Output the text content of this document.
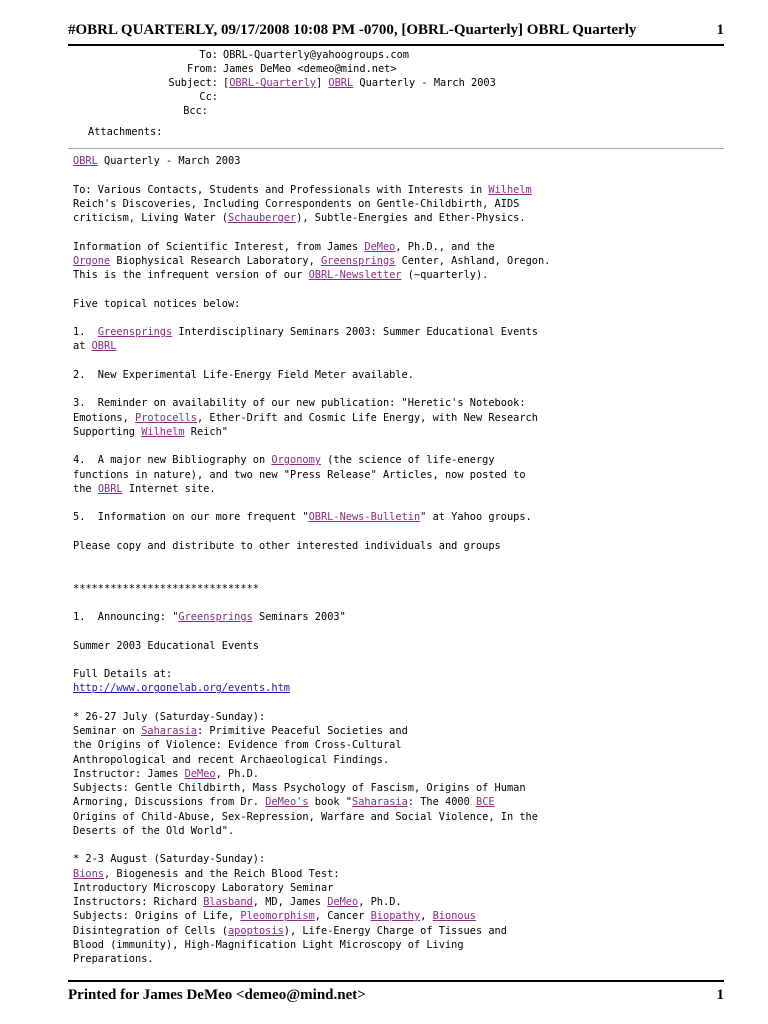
#OBRL QUARTERLY, 09/17/2008 10:08 PM -0700, [OBRL-Quarterly] OBRL Quarterly	1
To: OBRL-Quarterly@yahoogroups.com
From: James DeMeo <demeo@mind.net>
Subject: [OBRL-Quarterly] OBRL Quarterly - March 2003
Cc:
Bcc:
Attachments:

OBRL Quarterly - March 2003

To: Various Contacts, Students and Professionals with Interests in Wilhelm

Reich's Discoveries, Including Correspondents on Gentle-Childbirth, AIDS

criticism, Living Water (Schauberger), Subtle-Energies and Ether-Physics.

Information of Scientific Interest, from James DeMeo, Ph.D., and the

Orgone Biophysical Research Laboratory, Greensprings Center, Ashland, Oregon.

This is the infrequent version of our OBRL-Newsletter (~quarterly).

Five topical notices below:

1.  Greensprings Interdisciplinary Seminars 2003: Summer Educational Events

at OBRL

2.  New Experimental Life-Energy Field Meter available.

3.  Reminder on availability of our new publication: "Heretic's Notebook:

Emotions, Protocells, Ether-Drift and Cosmic Life Energy, with New Research

Supporting Wilhelm Reich"

4.  A major new Bibliography on Orgonomy (the science of life-energy

functions in nature), and two new "Press Release" Articles, now posted to

the OBRL Internet site.

5.  Information on our more frequent "OBRL-News-Bulletin" at Yahoo groups.

Please copy and distribute to other interested individuals and groups

******************************

1.  Announcing: "Greensprings Seminars 2003"

Summer 2003 Educational Events

Full Details at:

http://www.orgonelab.org/events.htm

* 26-27 July (Saturday-Sunday):

Seminar on Saharasia: Primitive Peaceful Societies and

the Origins of Violence: Evidence from Cross-Cultural

Anthropological and recent Archaeological Findings.

Instructor: James DeMeo, Ph.D.

Subjects: Gentle Childbirth, Mass Psychology of Fascism, Origins of Human

Armoring, Discussions from Dr. DeMeo's book "Saharasia: The 4000 BCE

Origins of Child-Abuse, Sex-Repression, Warfare and Social Violence, In the

Deserts of the Old World".

* 2-3 August (Saturday-Sunday):

Bions, Biogenesis and the Reich Blood Test:

Introductory Microscopy Laboratory Seminar

Instructors: Richard Blasband, MD, James DeMeo, Ph.D.

Subjects: Origins of Life, Pleomorphism, Cancer Biopathy, Bionous

Disintegration of Cells (apoptosis), Life-Energy Charge of Tissues and

Blood (immunity), High-Magnification Light Microscopy of Living

Preparations.

Printed for James DeMeo <demeo@mind.net>	1
